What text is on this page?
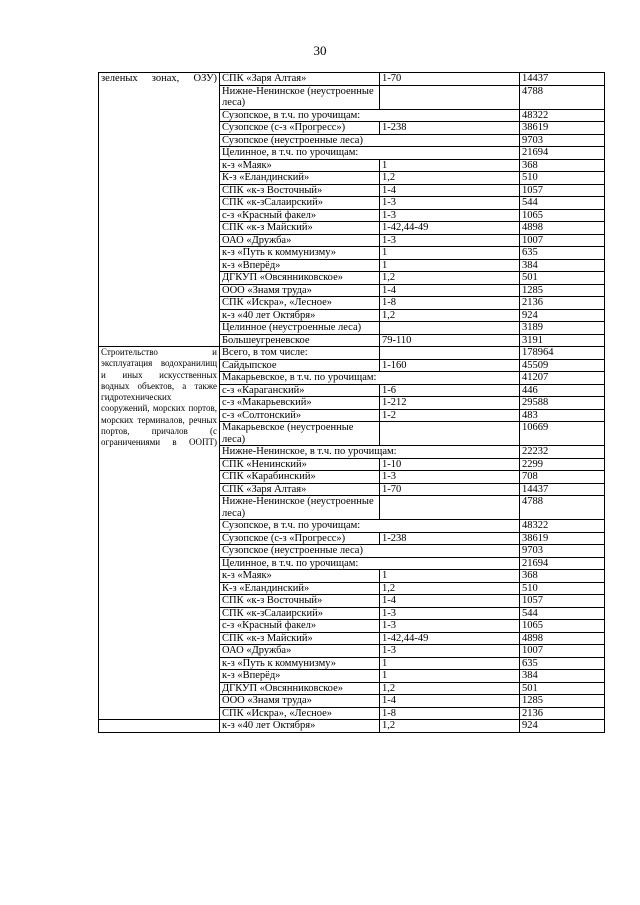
30
зеленых зонах, ОЗУ)	СПК «Заря Алтая»	1-70	14437
	Нижне-Ненинское (неустроенные леса)		4788
	Сузопское, в т.ч. по урочищам:		48322
	Сузопское (с-з «Прогресс»)	1-238	38619
	Сузопское (неустроенные леса)		9703
	Целинное, в т.ч. по урочищам:		21694
	к-з «Маяк»	1	368
	К-з «Еландинский»	1,2	510
	СПК «к-з Восточный»	1-4	1057
	СПК «к-зСалаирский»	1-3	544
	с-з «Красный факел»	1-3	1065
	СПК «к-з Майский»	1-42,44-49	4898
	ОАО «Дружба»	1-3	1007
	к-з «Путь к коммунизму»	1	635
	к-з «Вперёд»	1	384
	ДГКУП «Овсянниковское»	1,2	501
	ООО «Знамя труда»	1-4	1285
	СПК «Искра», «Лесное»	1-8	2136
	к-з «40 лет Октября»	1,2	924
	Целинное (неустроенные леса)		3189
	Большеугреневское	79-110	3191
Строительство и эксплуатация водохранилищ и иных искусственных водных объектов, а также гидротехнических сооружений, морских портов, морских терминалов, речных портов, причалов (с ограничениями в ООПТ)	Всего, в том числе:		178964
	Сайдыпское	1-160	45509
	Макарьевское, в т.ч. по урочищам:		41207
	с-з «Караганский»	1-6	446
	с-з «Макарьевский»	1-212	29588
	с-з «Солтонский»	1-2	483
	Макарьевское (неустроенные леса)		10669
	Нижне-Ненинское, в т.ч. по урочищам:		22232
	СПК «Ненинский»	1-10	2299
	СПК «Карабинский»	1-3	708
	СПК «Заря Алтая»	1-70	14437
	Нижне-Ненинское (неустроенные леса)		4788
	Сузопское, в т.ч. по урочищам:		48322
	Сузопское (с-з «Прогресс»)	1-238	38619
	Сузопское (неустроенные леса)		9703
	Целинное, в т.ч. по урочищам:		21694
	к-з «Маяк»	1	368
	К-з «Еландинский»	1,2	510
	СПК «к-з Восточный»	1-4	1057
	СПК «к-зСалаирский»	1-3	544
	с-з «Красный факел»	1-3	1065
	СПК «к-з Майский»	1-42,44-49	4898
	ОАО «Дружба»	1-3	1007
	к-з «Путь к коммунизму»	1	635
	к-з «Вперёд»	1	384
	ДГКУП «Овсянниковское»	1,2	501
	ООО «Знамя труда»	1-4	1285
	СПК «Искра», «Лесное»	1-8	2136
	к-з «40 лет Октября»	1,2	924
